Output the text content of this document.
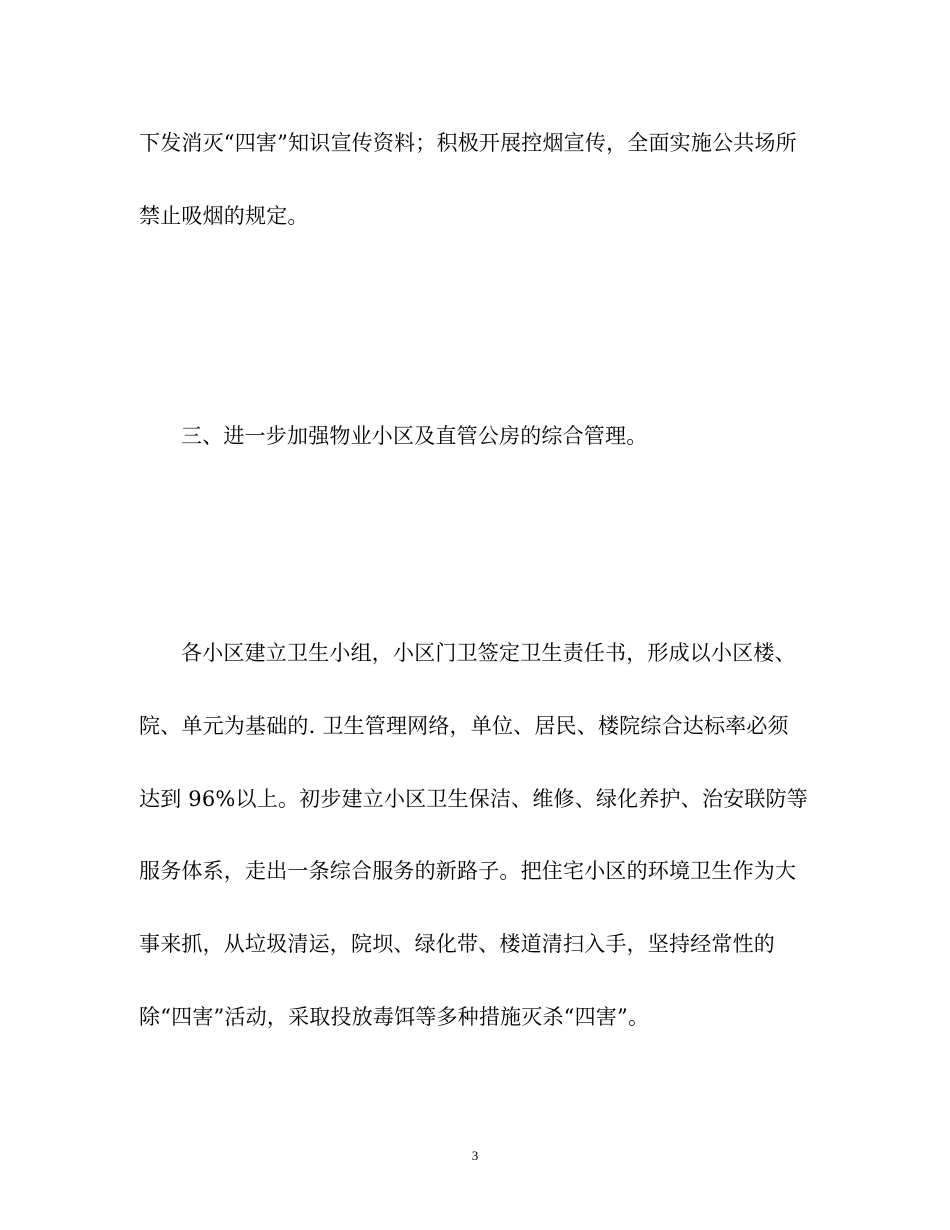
下发消灭“四害”知识宣传资料；积极开展控烟宣传，全面实施公共场所
禁止吸烟的规定。
三、进一步加强物业小区及直管公房的综合管理。
各小区建立卫生小组，小区门卫签定卫生责任书，形成以小区楼、
院、单元为基础的. 卫生管理网络，单位、居民、楼院综合达标率必须
达到 96%以上。初步建立小区卫生保洁、维修、绿化养护、治安联防等
服务体系，走出一条综合服务的新路子。把住宅小区的环境卫生作为大
事来抓，从垃圾清运，院坝、绿化带、楼道清扫入手，坚持经常性的
除“四害”活动，采取投放毒饵等多种措施灭杀“四害”。
3
